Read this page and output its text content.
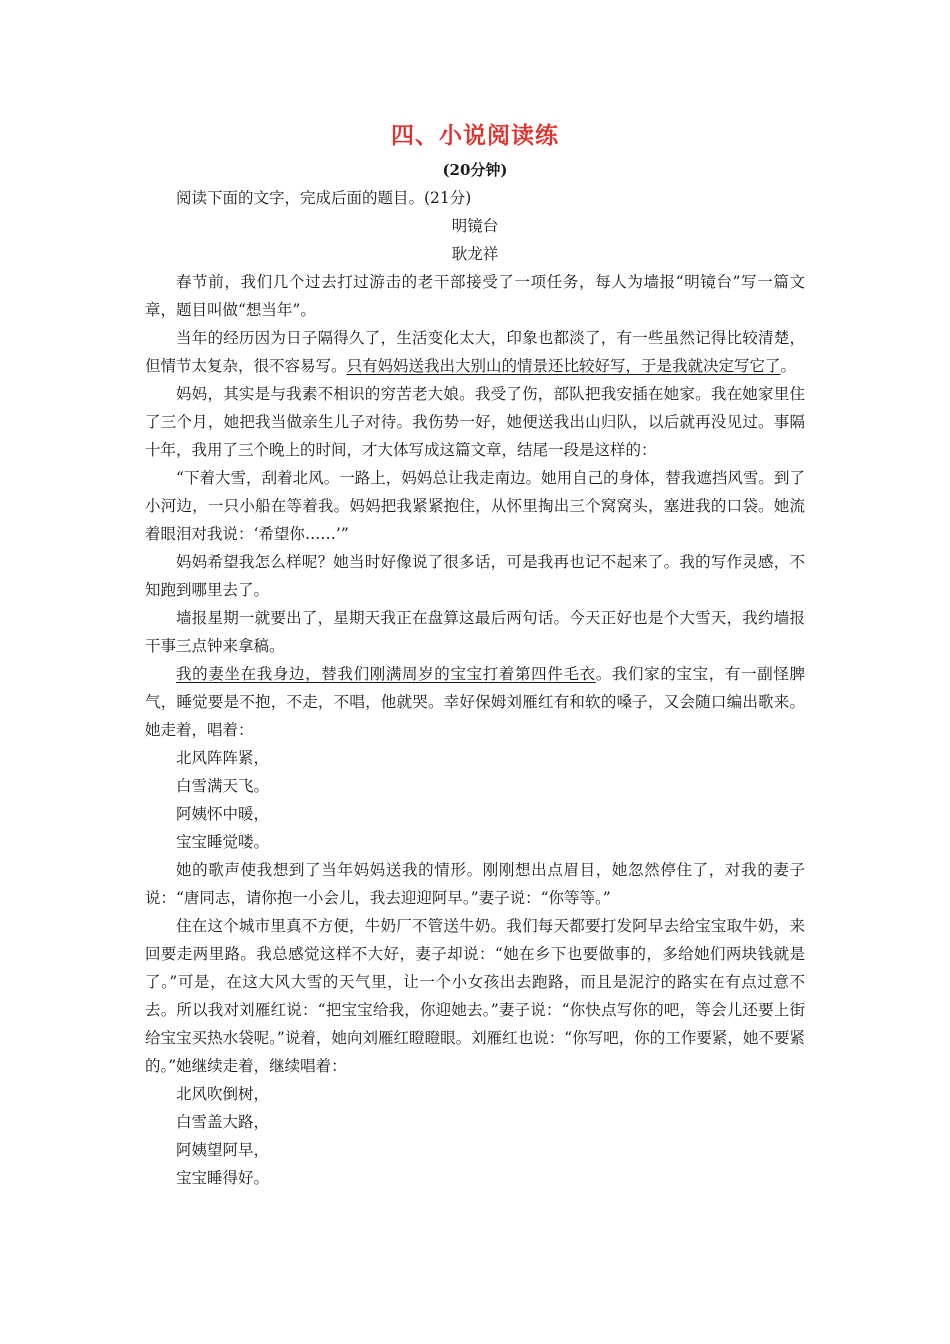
四、小说阅读练
(20分钟)

阅读下面的文字，完成后面的题目。(21分)

明镜台
耿龙祥

春节前，我们几个过去打过游击的老干部接受了一项任务，每人为墙报“明镜台”写一篇文章，题目叫做“想当年”。

当年的经历因为日子隔得久了，生活变化太大，印象也都淡了，有一些虽然记得比较清楚，但情节太复杂，很不容易写。只有妈妈送我出大别山的情景还比较好写，于是我就决定写它了。

妈妈，其实是与我素不相识的穷苦老大娘。我受了伤，部队把我安插在她家。我在她家里住了三个月，她把我当做亲生儿子对待。我伤势一好，她便送我出山归队，以后就再没见过。事隔十年，我用了三个晚上的时间，才大体写成这篇文章，结尾一段是这样的：

“下着大雪，刮着北风。一路上，妈妈总让我走南边。她用自己的身体，替我遮挡风雪。到了小河边，一只小船在等着我。妈妈把我紧紧抱住，从怀里掏出三个窝窝头，塞进我的口袋。她流着眼泪对我说：‘希望你……’”

妈妈希望我怎么样呢？她当时好像说了很多话，可是我再也记不起来了。我的写作灵感，不知跑到哪里去了。

墙报星期一就要出了，星期天我正在盘算这最后两句话。今天正好也是个大雪天，我约墙报干事三点钟来拿稿。

我的妻坐在我身边，替我们刚满周岁的宝宝打着第四件毛衣。我们家的宝宝，有一副怪脾气，睡觉要是不抱，不走，不唱，他就哭。幸好保姆刘雁红有和软的嗓子，又会随口编出歌来。她走着，唱着：

北风阵阵紧，
白雪满天飞。
阿姨怀中暖，
宝宝睡觉喽。

她的歌声使我想到了当年妈妈送我的情形。刚刚想出点眉目，她忽然停住了，对我的妻子说：“唐同志，请你抱一小会儿，我去迎迎阿早。”妻子说：“你等等。”

住在这个城市里真不方便，牛奶厂不管送牛奶。我们每天都要打发阿早去给宝宝取牛奶，来回要走两里路。我总感觉这样不大好，妻子却说：“她在乡下也要做事的，多给她们两块钱就是了。”可是，在这大风大雪的天气里，让一个小女孩出去跑路，而且是泥泞的路实在有点过意不去。所以我对刘雁红说：“把宝宝给我，你迎她去。”妻子说：“你快点写你的吧，等会儿还要上街给宝宝买热水袋呢。”说着，她向刘雁红瞪瞪眼。刘雁红也说：“你写吧，你的工作要紧，她不要紧的。”她继续走着，继续唱着：

北风吹倒树，
白雪盖大路，
阿姨望阿早，
宝宝睡得好。
